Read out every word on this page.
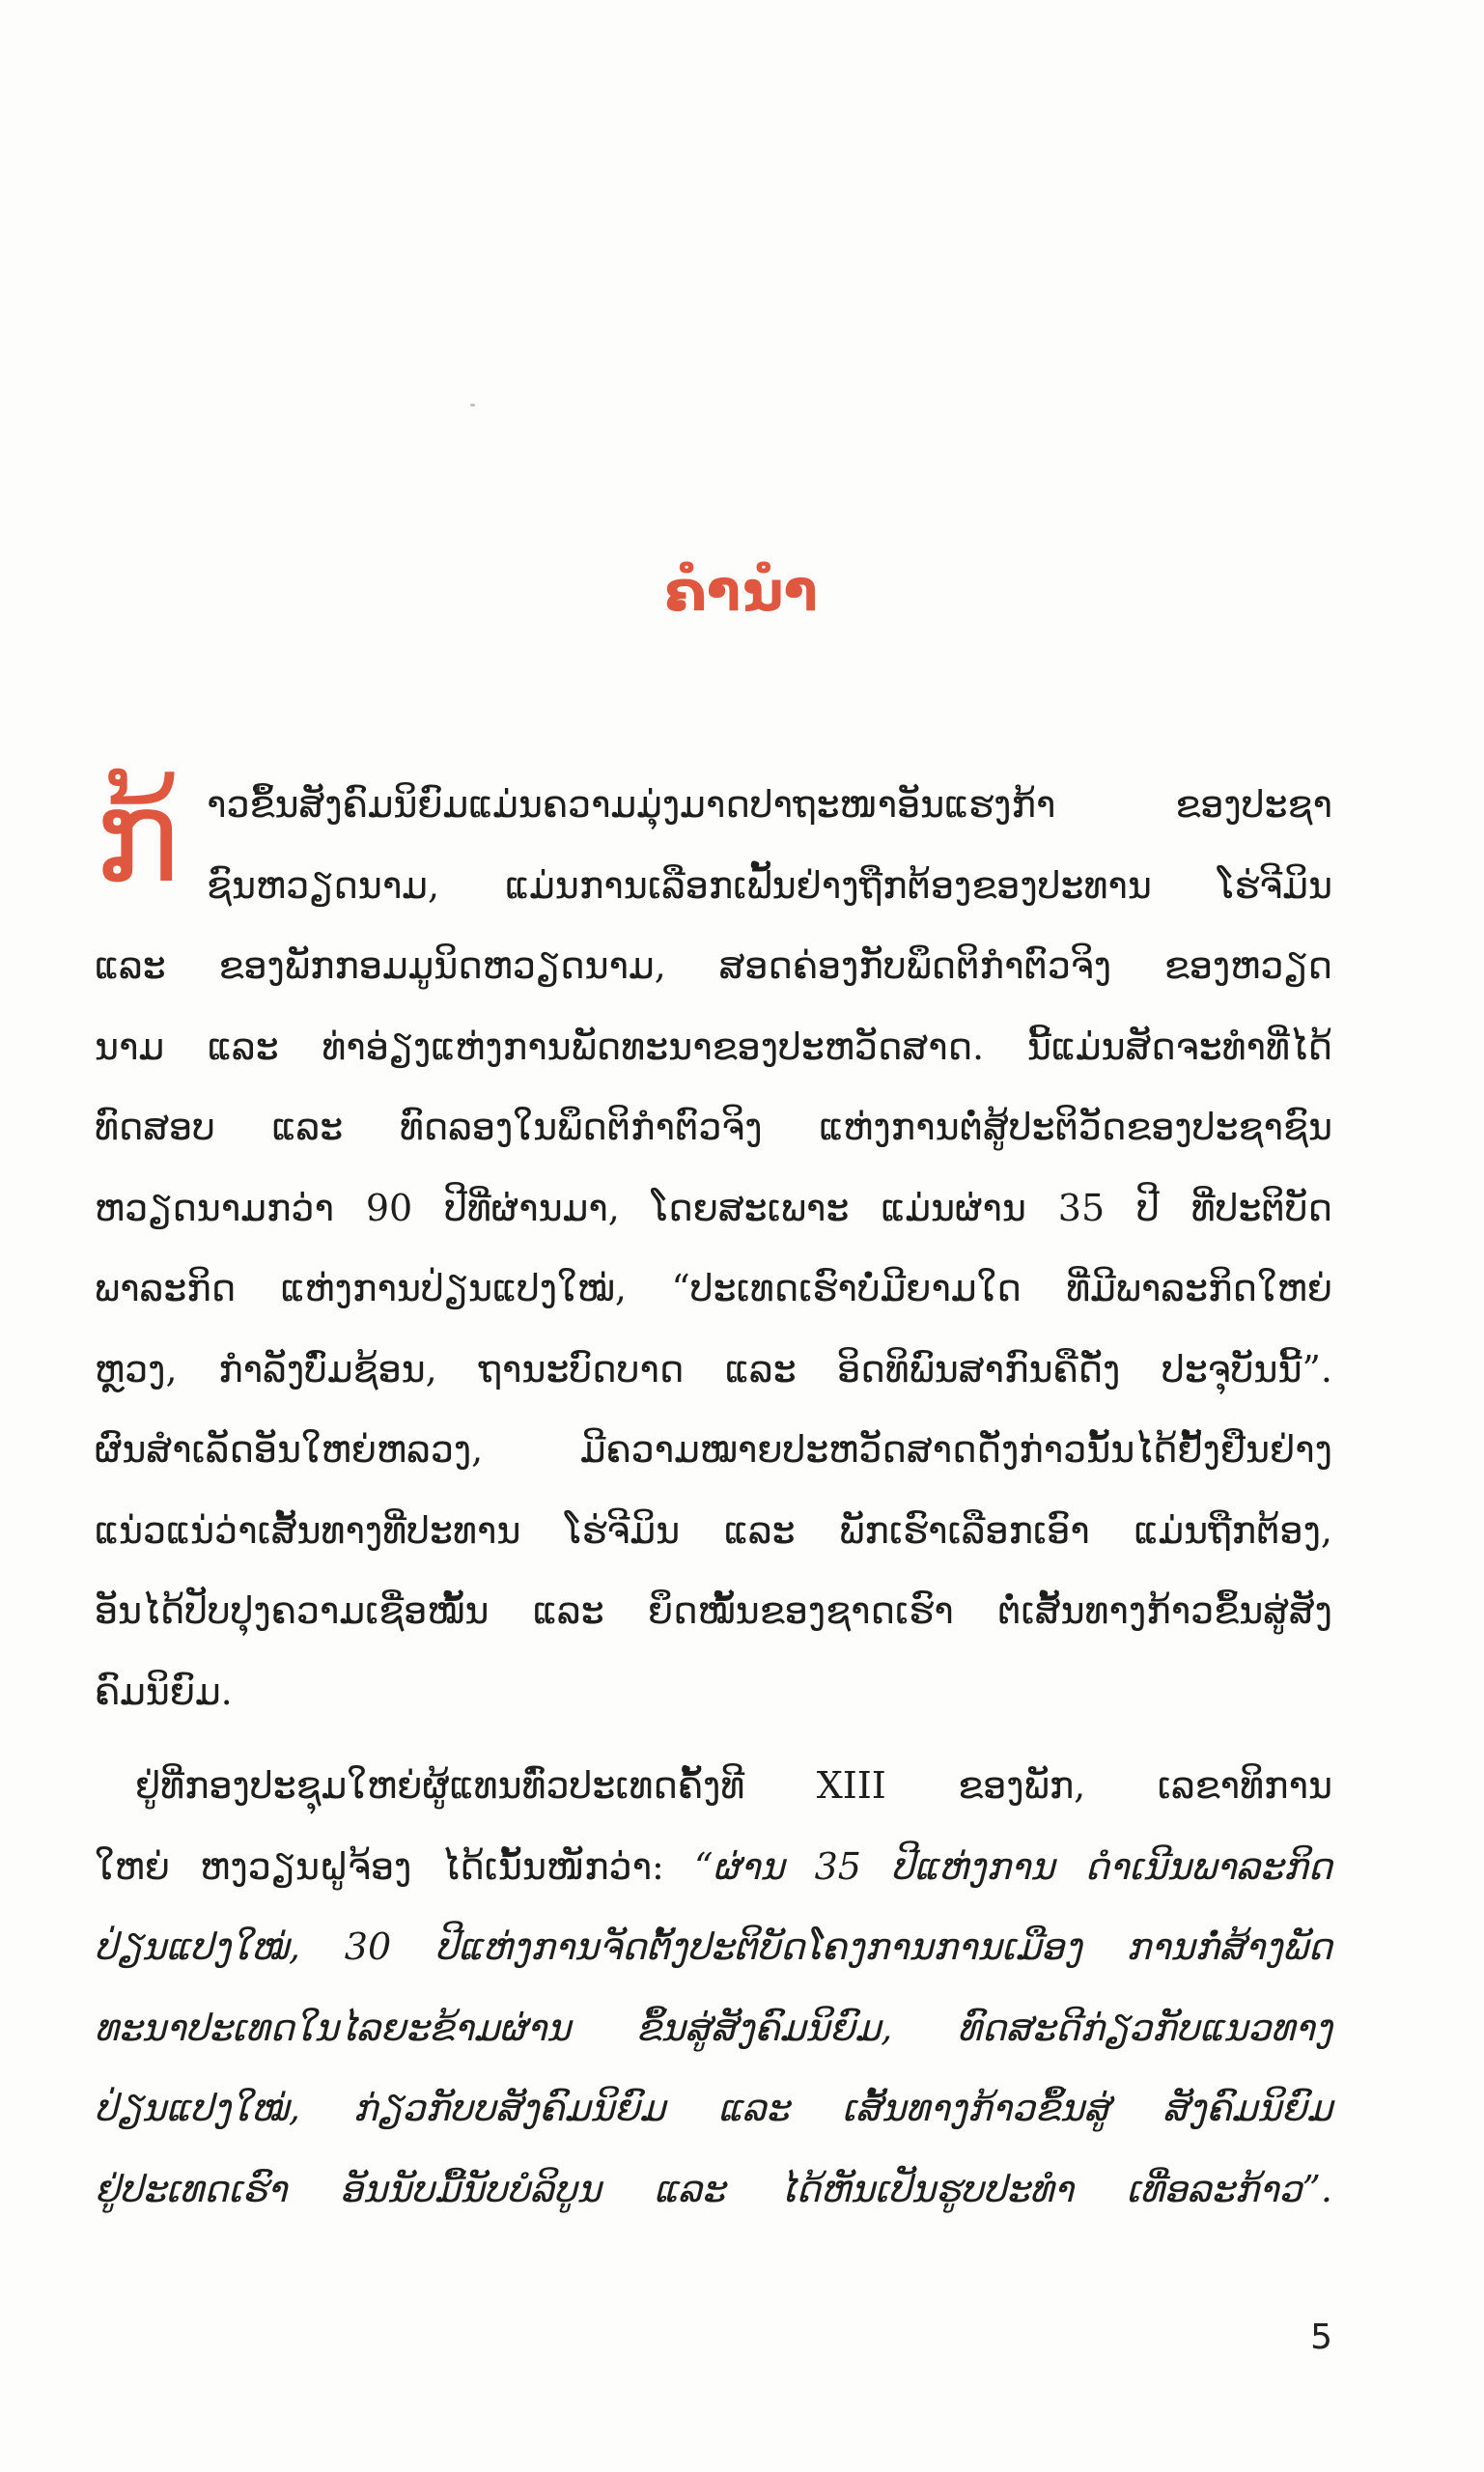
ຄຳນຳ
ກ້ າວຂຶ້ນສັງຄົມນິຍົມແມ່ນຄວາມມຸ່ງມາດປາຖະໜາອັນແຮງກ້າ ຂອງປະຊາ
ຊົນຫວຽດນາມ, ແມ່ນການເລືອກເຟັ້ນຢ່າງຖືກຕ້ອງຂອງປະທານ ໂຮ່ຈີມິນ
ແລະ ຂອງພັກກອມມູນິດຫວຽດນາມ, ສອດຄ່ອງກັບພຶດຕິກຳຕົວຈິງ ຂອງຫວຽດ
ນາມ ແລະ ທ່າອ່ຽງແຫ່ງການພັດທະນາຂອງປະຫວັດສາດ. ນີ້ແມ່ນສັດຈະທຳທີ່ໄດ້
ທົດສອບ ແລະ ທົດລອງໃນພຶດຕິກຳຕົວຈິງ ແຫ່ງການຕໍ່ສູ້ປະຕິວັດຂອງປະຊາຊົນ
ຫວຽດນາມກວ່າ 90 ປີທີ່ຜ່ານມາ, ໂດຍສະເພາະ ແມ່ນຜ່ານ 35 ປີ ທີ່ປະຕິບັດ
ພາລະກິດ ແຫ່ງການປ່ຽນແປງໃໝ່, “ປະເທດເຮົາບໍ່ມີຍາມໃດ ທີ່ມີພາລະກິດໃຫຍ່
ຫຼວງ, ກຳລັງບົ່ມຊ້ອນ, ຖານະບົດບາດ ແລະ ອິດທິພົນສາກົນຄືດັ່ງ ປະຈຸບັນນີ້”.
ຜົນສຳເລັດອັນໃຫຍ່ຫລວງ, ມີຄວາມໝາຍປະຫວັດສາດດັ່ງກ່າວນັ້ນໄດ້ຢັ້ງຢືນຢ່າງ
ແນ່ວແນ່ວ່າເສັ້ນທາງທີ່ປະທານ ໂຮ່ຈີມິນ ແລະ ພັກເຮົາເລືອກເອົາ ແມ່ນຖືກຕ້ອງ,
ອັນໄດ້ປັບປຸງຄວາມເຊື່ອໝັ້ນ ແລະ ຍຶດໝັ້ນຂອງຊາດເຮົາ ຕໍ່ເສັ້ນທາງກ້າວຂຶ້ນສູ່ສັງ
ຄົມນິຍົມ.
ຢູ່ທີ່ກອງປະຊຸມໃຫຍ່ຜູ້ແທນທົ່ວປະເທດຄັ້ງທີ XIII ຂອງພັກ, ເລຂາທິການ
ໃຫຍ່ ຫງວຽນຝູຈ້ອງ ໄດ້ເນັ້ນໜັກວ່າ: “ຜ່ານ 35 ປີແຫ່ງການ ດຳເນີນພາລະກິດ
ປ່ຽນແປງໃໝ່, 30 ປີແຫ່ງການຈັດຕັ້ງປະຕິບັດໂຄງການການເມືອງ ການກໍ່ສ້າງພັດ
ທະນາປະເທດໃນໄລຍະຂ້າມຜ່ານ ຂຶ້ນສູ່ສັງຄົມນິຍົມ, ທົດສະດີກ່ຽວກັບແນວທາງ
ປ່ຽນແປງໃໝ່, ກ່ຽວກັບບສັງຄົມນິຍົມ ແລະ ເສັ້ນທາງກ້າວຂຶ້ນສູ່ ສັງຄົມນິຍົມ
ຢູ່ປະເທດເຮົາ ອັນນັບມື້ນັບບໍລິບູນ ແລະ ໄດ້ຫັນເປັນຮູບປະທຳ ເທື່ອລະກ້າວ”.
5
